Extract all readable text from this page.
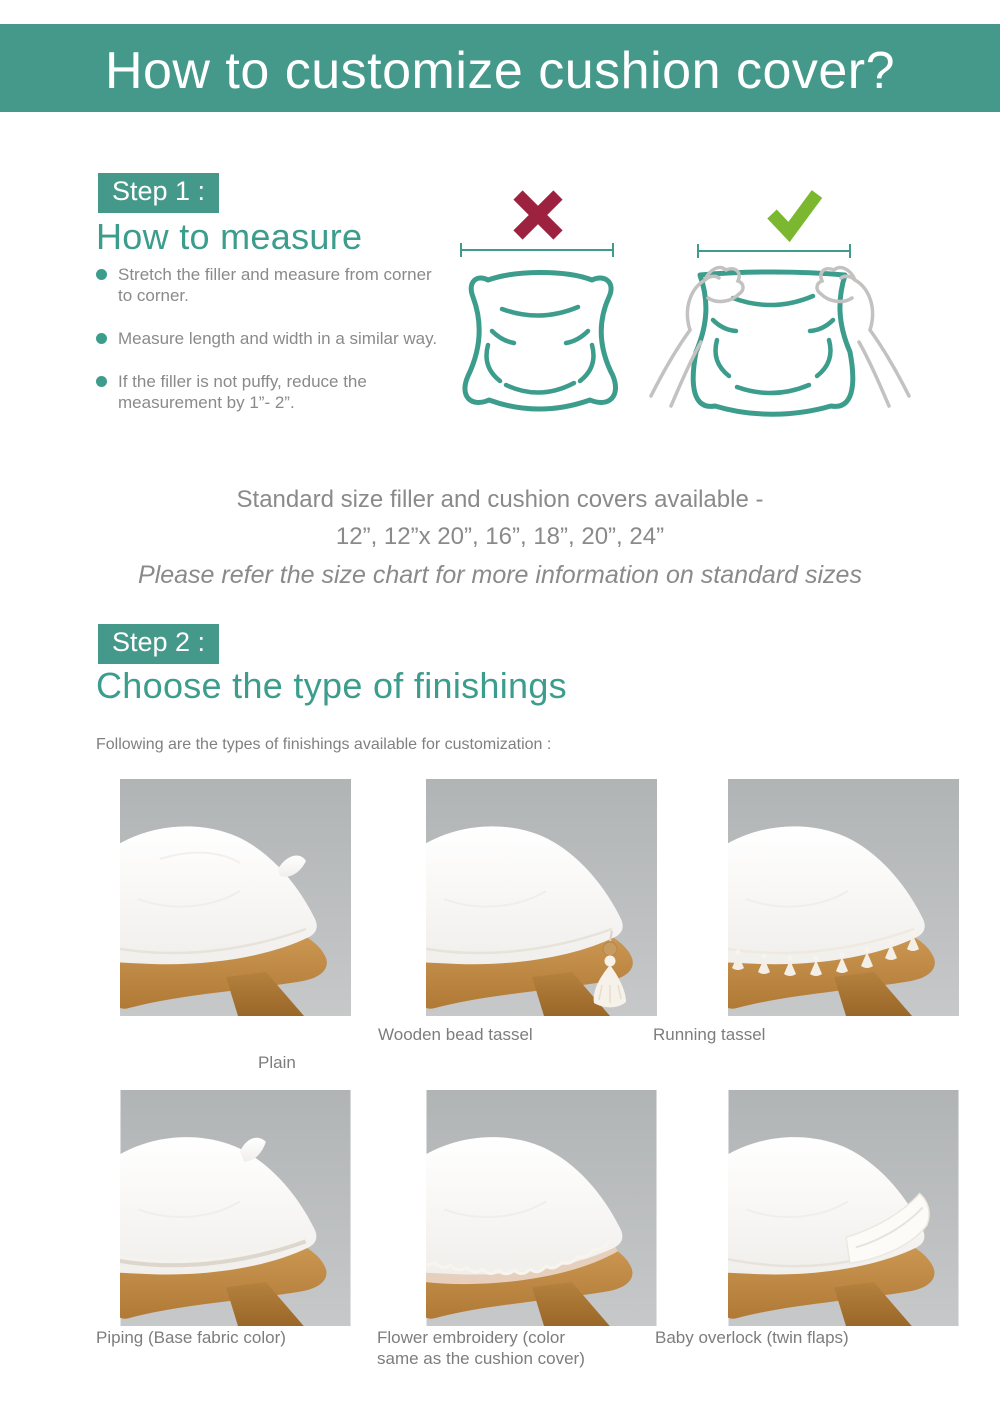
How to customize cushion cover?
Step 1 :
How to measure
Stretch the filler and measure from corner to corner.
Measure length and width in a similar way.
If the filler is not puffy, reduce the measurement by 1”- 2”.
Standard size filler and cushion covers available -
12”, 12”x 20”, 16”, 18”, 20”, 24”
Please refer the size chart for more information on standard sizes
Step 2 :
Choose the type of finishings
Following are the types of finishings available for customization :
Plain
Wooden bead tassel	Running tassel
Piping (Base fabric color)	Flower embroidery (color same as the cushion cover)
Baby overlock (twin flaps)
